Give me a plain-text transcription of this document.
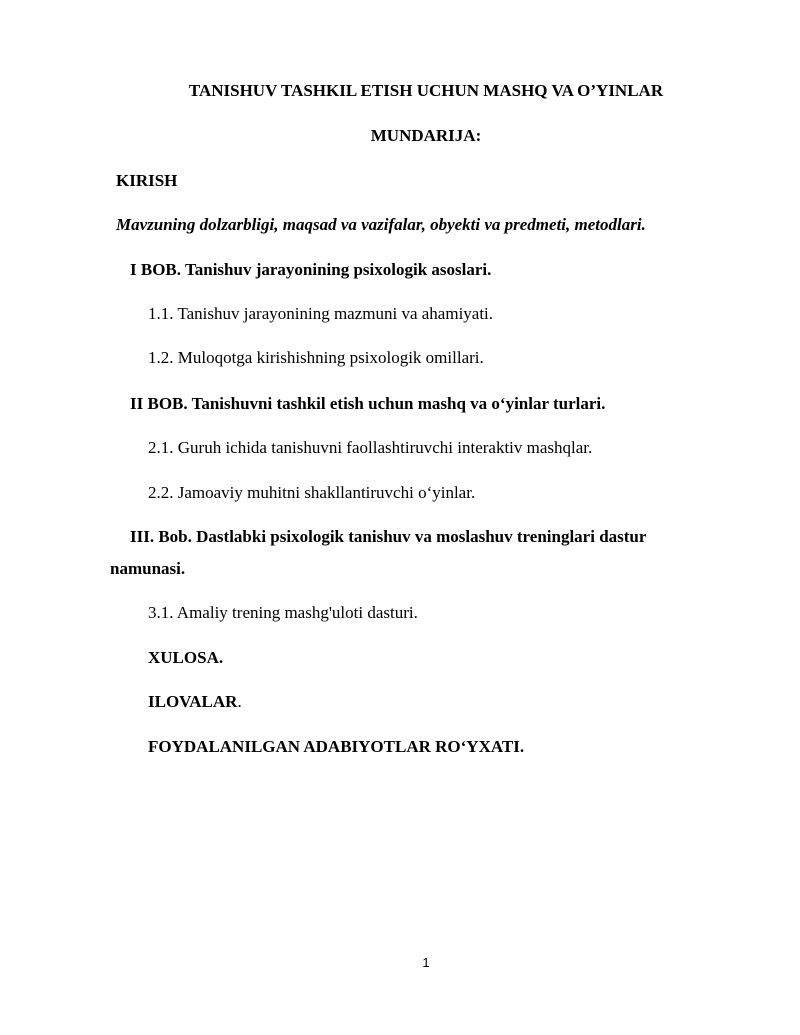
TANISHUV TASHKIL ETISH UCHUN MASHQ VA O’YINLAR
MUNDARIJA:
KIRISH
Mavzuning dolzarbligi, maqsad va vazifalar, obyekti va predmeti, metodlari.
I BOB. Tanishuv jarayonining psixologik asoslari.
1.1. Tanishuv jarayonining mazmuni va ahamiyati.
1.2. Muloqotga kirishishning psixologik omillari.
II BOB. Tanishuvni tashkil etish uchun mashq va o‘yinlar turlari.
2.1. Guruh ichida tanishuvni faollashtiruvchi interaktiv mashqlar.
2.2. Jamoaviy muhitni shakllantiruvchi o‘yinlar.
III. Bob. Dastlabki psixologik tanishuv va moslashuv treninglari dastur
namunasi.
3.1. Amaliy trening mashg'uloti dasturi.
XULOSA.
ILOVALAR.
FOYDALANILGAN ADABIYOTLAR RO‘YXATI.
1
